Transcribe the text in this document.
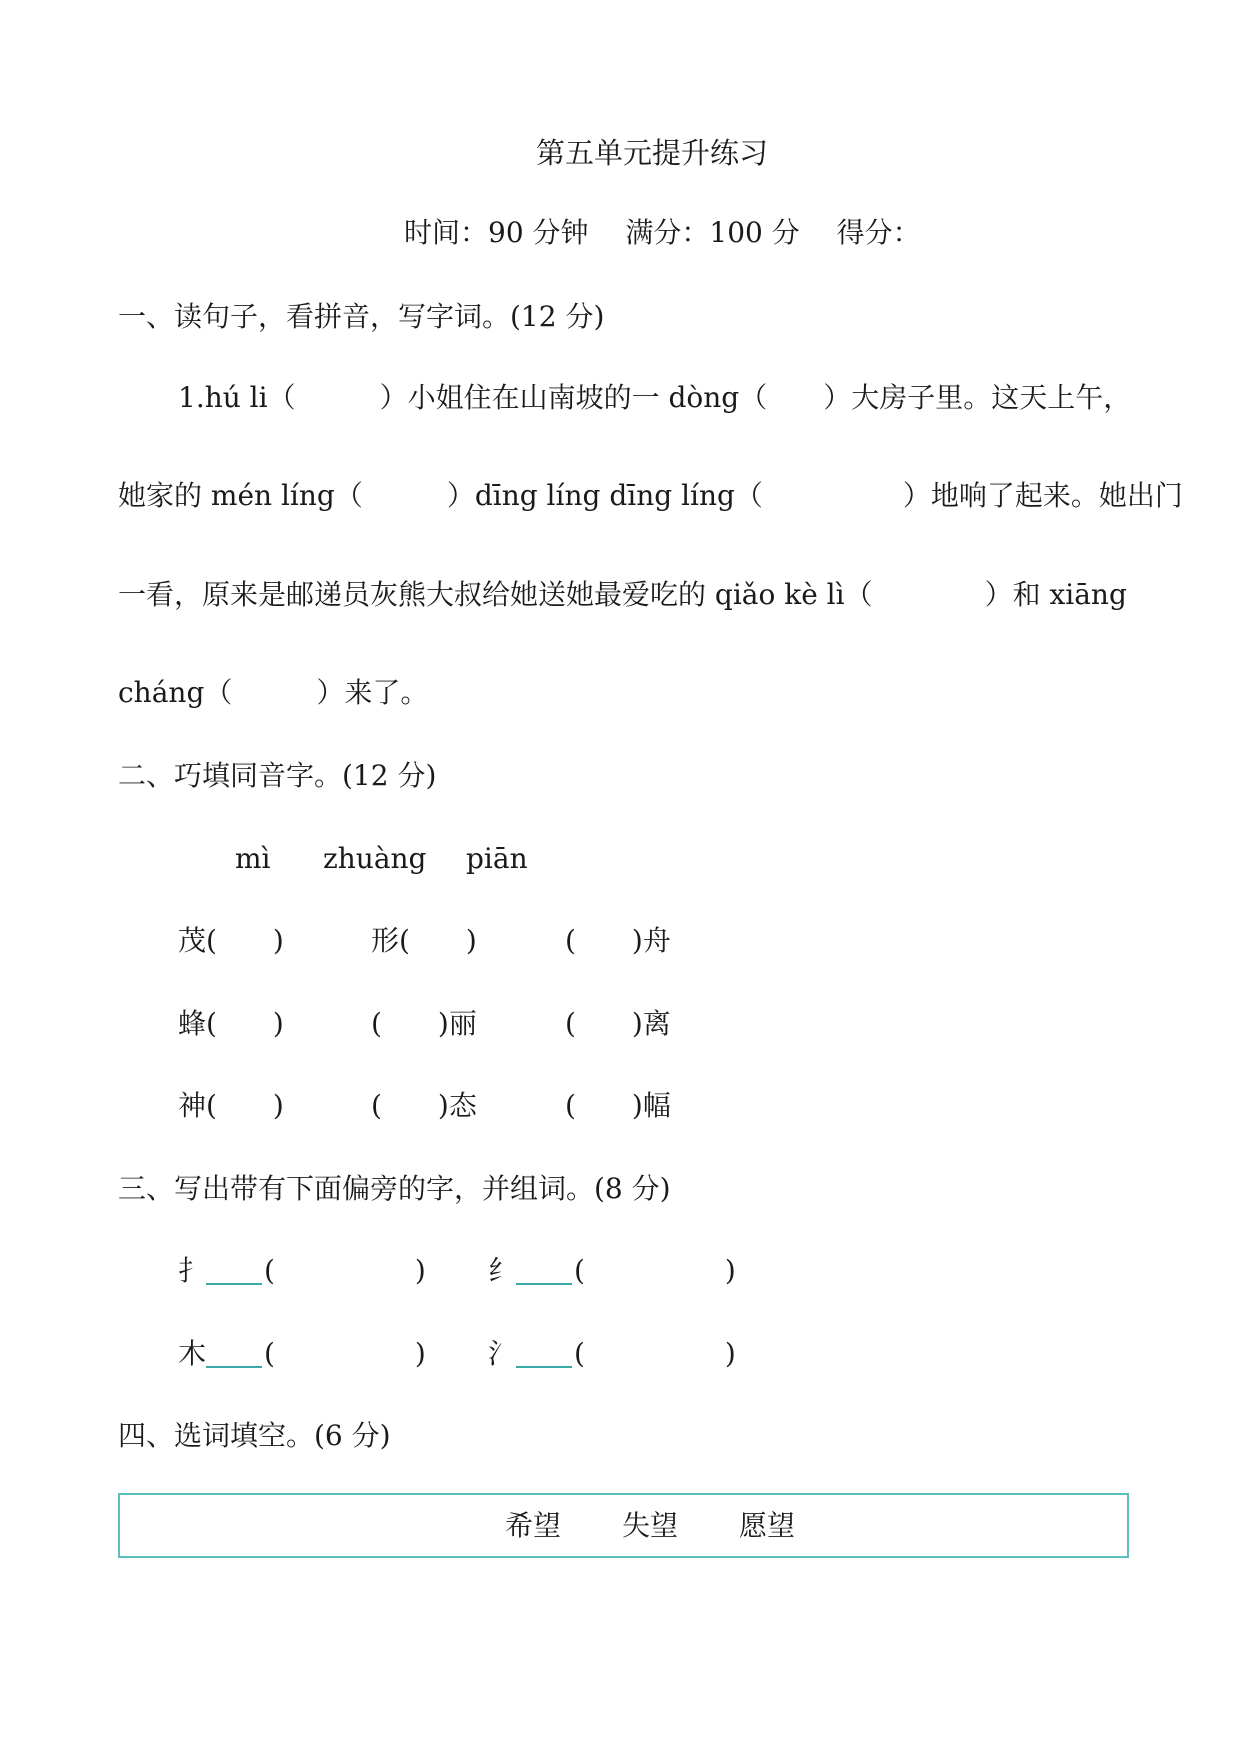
第五单元提升练习
时间：90 分钟　 满分：100 分　 得分：
一、读句子，看拼音，写字词。(12 分)
1.hú li（　　　）小姐住在山南坡的一 dòng（　　）大房子里。这天上午，
她家的 mén líng（　　　）dīng líng dīng líng（　　　　　）地响了起来。她出门
一看，原来是邮递员灰熊大叔给她送她最爱吃的 qiǎo kè lì（　　　　）和 xiāng
cháng（　　　）来了。
二、巧填同音字。(12 分)
mì zhuàng piān
茂(　　)	形(　　)	(　　)舟
蜂(　　)	(　　)丽	(　　)离
神(　　)	(　　)态	(　　)幅
三、写出带有下面偏旁的字，并组词。(8 分)
扌 (　　　　　) 纟 (　　　　　)
木 (　　　　　) 氵 (　　　　　)
四、选词填空。(6 分)
希望 失望 愿望
